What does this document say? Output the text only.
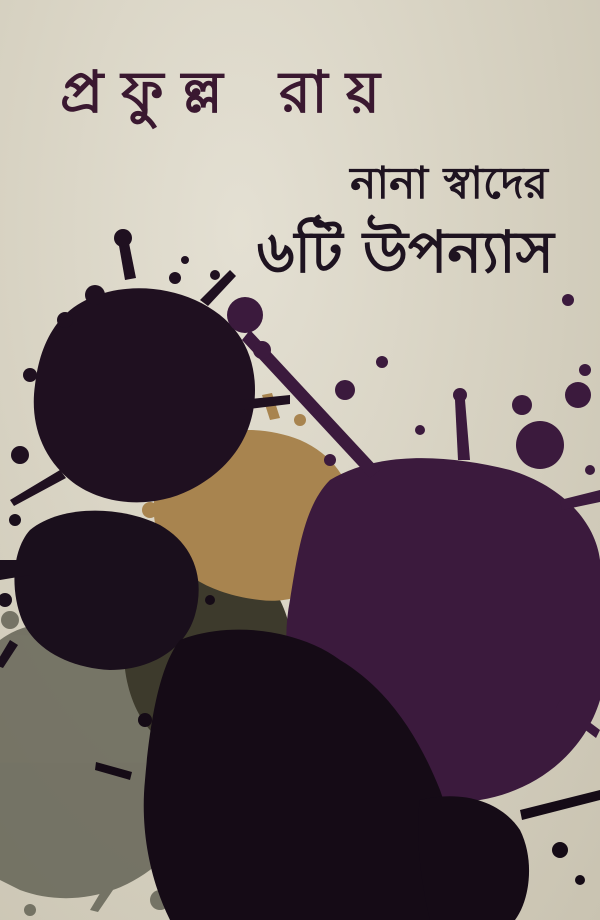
প্রফুল্ল রায়
নানা স্বাদের
৬টি উপন্যাস
